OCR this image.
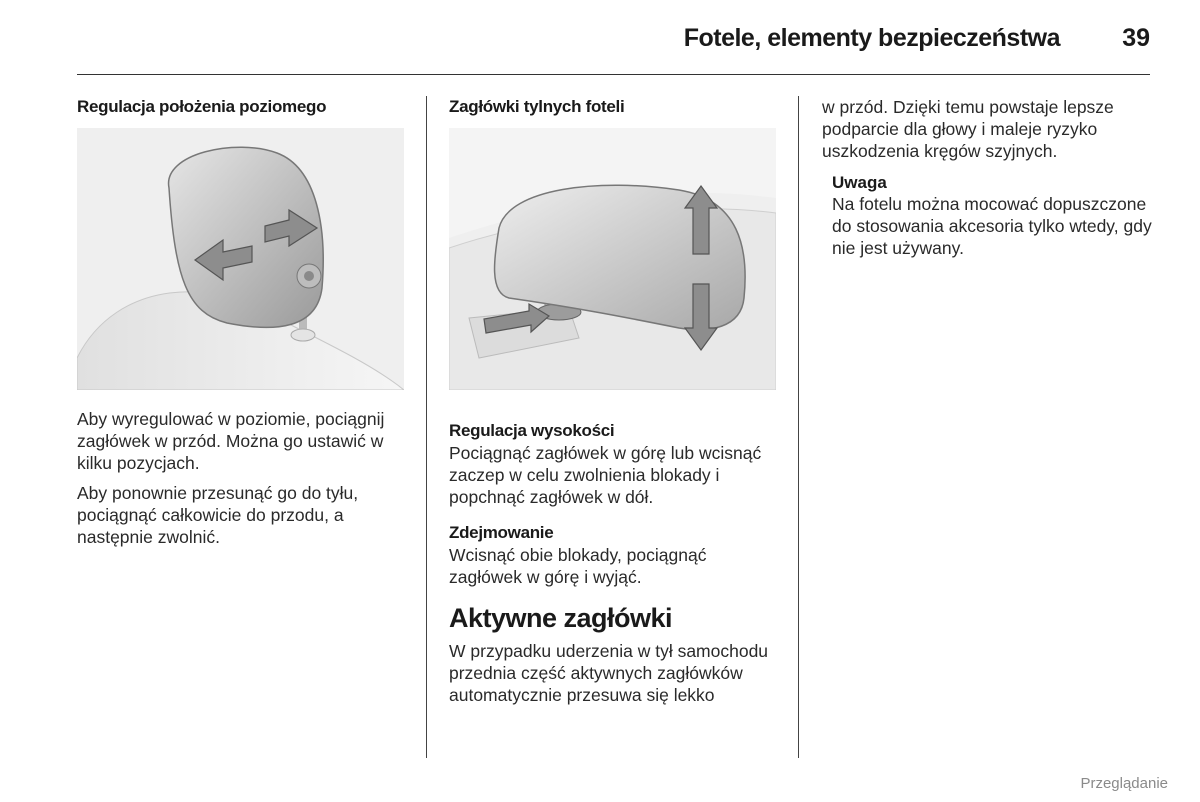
Fotele, elementy bezpieczeństwa 39
Regulacja położenia poziomego

Aby wyregulować w poziomie, pociągnij zagłówek w przód. Można go ustawić w kilku pozycjach.

Aby ponownie przesunąć go do tyłu, pociągnąć całkowicie do przodu, a następnie zwolnić.

Zagłówki tylnych foteli
Regulacja wysokości

Pociągnąć zagłówek w górę lub wcisnąć zaczep w celu zwolnienia blokady i popchnąć zagłówek w dół.

Zdejmowanie

Wcisnąć obie blokady, pociągnąć zagłówek w górę i wyjąć.

Aktywne zagłówki

W przypadku uderzenia w tył samochodu przednia część aktywnych zagłówków automatycznie przesuwa się lekko

w przód. Dzięki temu powstaje lepsze podparcie dla głowy i maleje ryzyko uszkodzenia kręgów szyjnych.

Uwaga

Na fotelu można mocować dopuszczone do stosowania akcesoria tylko wtedy, gdy nie jest używany.

Przeglądanie
